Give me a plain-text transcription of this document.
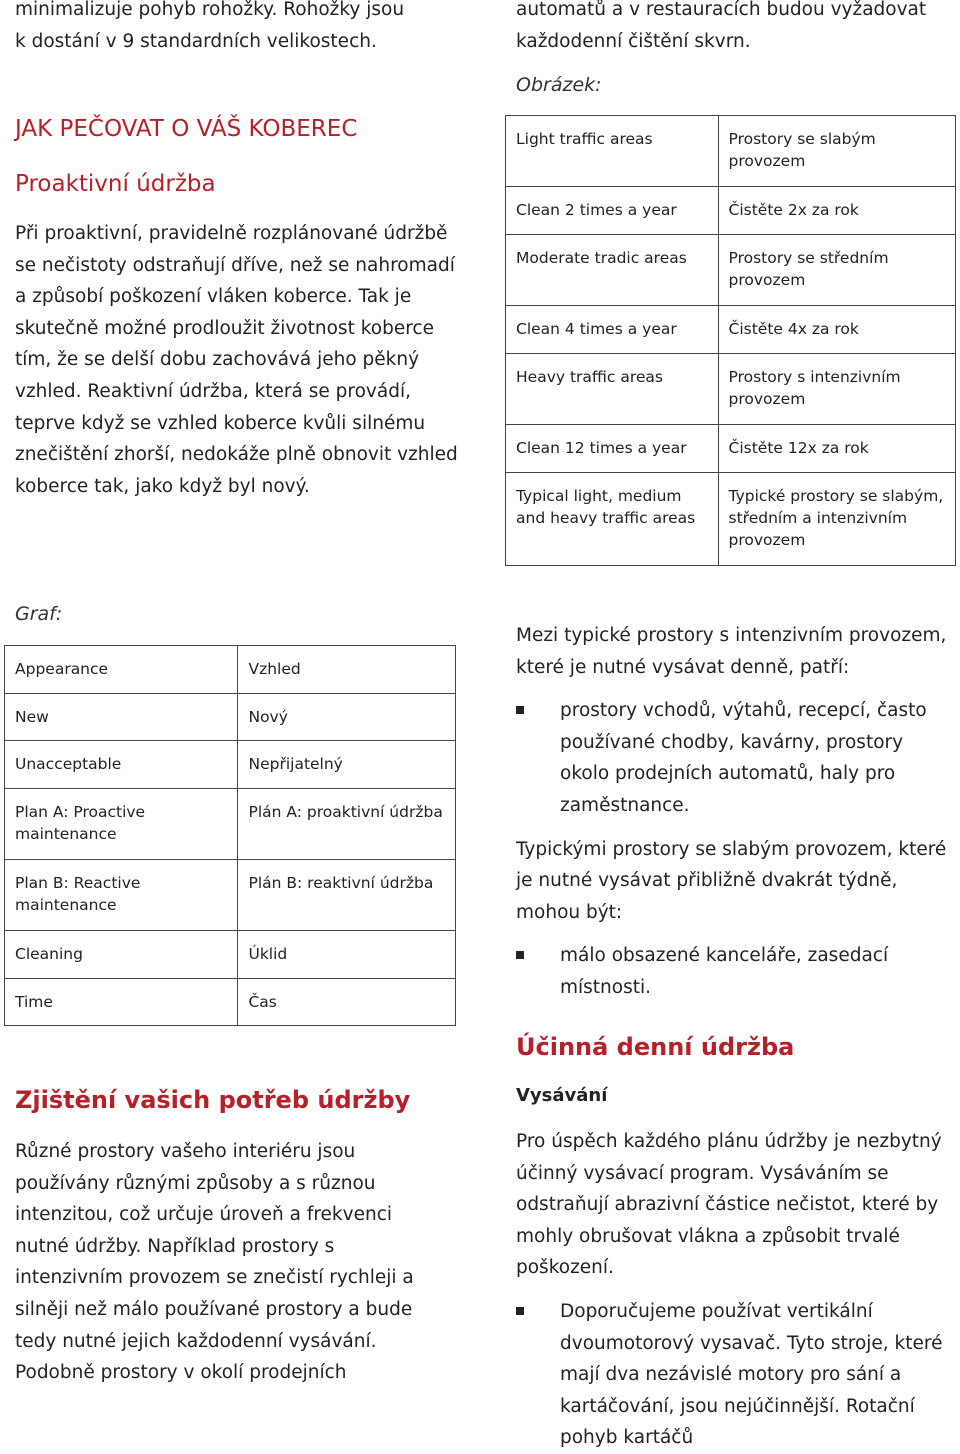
minimalizuje pohyb rohožky. Rohožky jsou
k dostání v 9 standardních velikostech.
JAK PEČOVAT O VÁŠ KOBEREC
Proaktivní údržba

Při proaktivní, pravidelně rozplánované údržbě se nečistoty odstraňují dříve, než se nahromadí a způsobí poškození vláken koberce. Tak je skutečně možné prodloužit životnost koberce tím, že se delší dobu zachovává jeho pěkný vzhled. Reaktivní údržba, která se provádí, teprve když se vzhled koberce kvůli silnému znečištění zhorší, nedokáže plně obnovit vzhled koberce tak, jako když byl nový.

Graf:
Appearance	Vzhled
New	Nový
Unacceptable	Nepřijatelný
Plan A: Proactive maintenance	Plán A: proaktivní údržba
Plan B: Reactive maintenance	Plán B: reaktivní údržba
Cleaning	Úklid
Time	Čas
Zjištění vašich potřeb údržby

Různé prostory vašeho interiéru jsou používány různými způsoby a s různou intenzitou, což určuje úroveň a frekvenci nutné údržby. Například prostory s intenzivním provozem se znečistí rychleji a silněji než málo používané prostory a bude tedy nutné jejich každodenní vysávání. Podobně prostory v okolí prodejních

automatů a v restauracích budou vyžadovat
každodenní čištění skvrn.
Obrázek:
Light traffic areas	Prostory se slabým provozem
Clean 2 times a year	Čistěte 2x za rok
Moderate tradic areas	Prostory se středním provozem
Clean 4 times a year	Čistěte 4x za rok
Heavy traffic areas	Prostory s intenzivním provozem
Clean 12 times a year	Čistěte 12x za rok
Typical light, medium and heavy traffic areas	Typické prostory se slabým, středním a intenzivním provozem

Mezi typické prostory s intenzivním provozem, které je nutné vysávat denně, patří:

prostory vchodů, výtahů, recepcí, často používané chodby, kavárny, prostory okolo prodejních automatů, haly pro zaměstnance.

Typickými prostory se slabým provozem, které je nutné vysávat přibližně dvakrát týdně, mohou být:

málo obsazené kanceláře, zasedací místnosti.
Účinná denní údržba
Vysávání

Pro úspěch každého plánu údržby je nezbytný účinný vysávací program. Vysáváním se odstraňují abrazivní částice nečistot, které by mohly obrušovat vlákna a způsobit trvalé poškození.

Doporučujeme používat vertikální dvoumotorový vysavač. Tyto stroje, které mají dva nezávislé motory pro sání a kartáčování, jsou nejúčinnější. Rotační pohyb kartáčů
